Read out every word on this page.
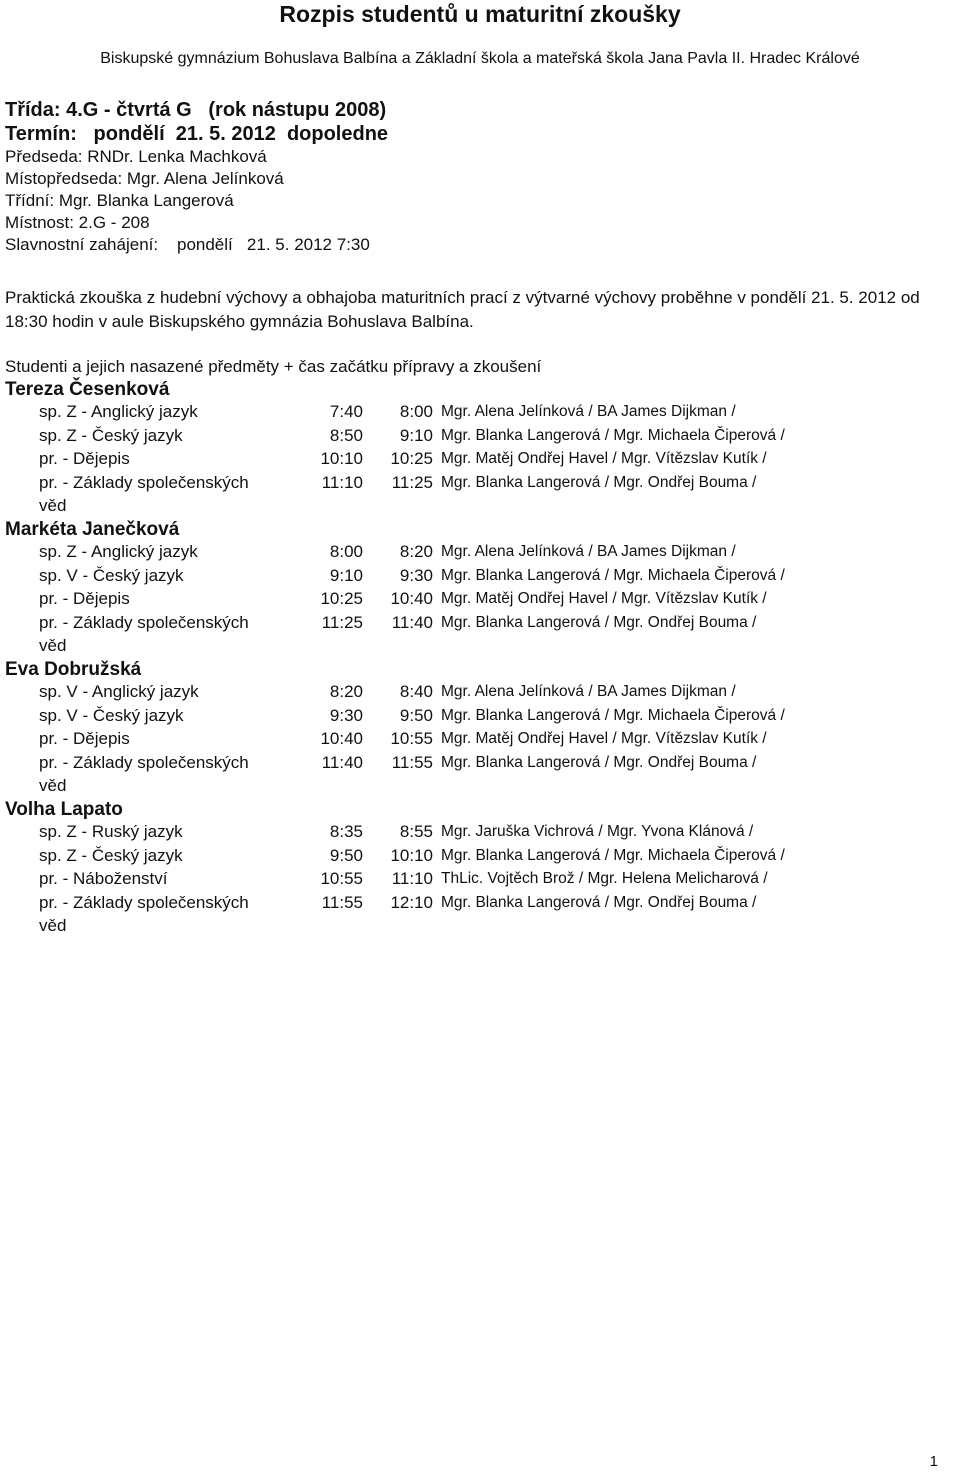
Rozpis studentů u maturitní zkoušky
Biskupské gymnázium Bohuslava Balbína a Základní škola a mateřská škola Jana Pavla II. Hradec Králové
Třída: 4.G - čtvrtá G   (rok nástupu 2008)
Termín:   pondělí  21. 5. 2012  dopoledne
Předseda: RNDr. Lenka Machková
Místopředseda: Mgr. Alena Jelínková
Třídní: Mgr. Blanka Langerová
Místnost: 2.G - 208
Slavnostní zahájení:    pondělí   21. 5. 2012 7:30
Praktická zkouška z hudební výchovy a obhajoba maturitních prací z výtvarné výchovy proběhne v pondělí 21. 5. 2012 od 18:30 hodin v aule Biskupského gymnázia Bohuslava Balbína.
Studenti a jejich nasazené předměty + čas začátku přípravy a zkoušení
Tereza Česenková
sp. Z - Anglický jazyk	7:40	8:00 Mgr. Alena Jelínková / BA James Dijkman /
sp. Z - Český jazyk	8:50	9:10 Mgr. Blanka Langerová / Mgr. Michaela Čiperová /
pr. - Dějepis	10:10	10:25 Mgr. Matěj Ondřej Havel / Mgr. Vítězslav Kutík /
pr. - Základy společenských	11:10	11:25 Mgr. Blanka Langerová / Mgr. Ondřej Bouma /
věd
Markéta Janečková
sp. Z - Anglický jazyk	8:00	8:20 Mgr. Alena Jelínková / BA James Dijkman /
sp. V - Český jazyk	9:10	9:30 Mgr. Blanka Langerová / Mgr. Michaela Čiperová /
pr. - Dějepis	10:25	10:40 Mgr. Matěj Ondřej Havel / Mgr. Vítězslav Kutík /
pr. - Základy společenských	11:25	11:40 Mgr. Blanka Langerová / Mgr. Ondřej Bouma /
věd
Eva Dobružská
sp. V - Anglický jazyk	8:20	8:40 Mgr. Alena Jelínková / BA James Dijkman /
sp. V - Český jazyk	9:30	9:50 Mgr. Blanka Langerová / Mgr. Michaela Čiperová /
pr. - Dějepis	10:40	10:55 Mgr. Matěj Ondřej Havel / Mgr. Vítězslav Kutík /
pr. - Základy společenských	11:40	11:55 Mgr. Blanka Langerová / Mgr. Ondřej Bouma /
věd
Volha Lapato
sp. Z - Ruský jazyk	8:35	8:55 Mgr. Jaruška Vichrová / Mgr. Yvona Klánová /
sp. Z - Český jazyk	9:50	10:10 Mgr. Blanka Langerová / Mgr. Michaela Čiperová /
pr. - Náboženství	10:55	11:10 ThLic. Vojtěch Brož / Mgr. Helena Melicharová /
pr. - Základy společenských	11:55	12:10 Mgr. Blanka Langerová / Mgr. Ondřej Bouma /
věd
1
